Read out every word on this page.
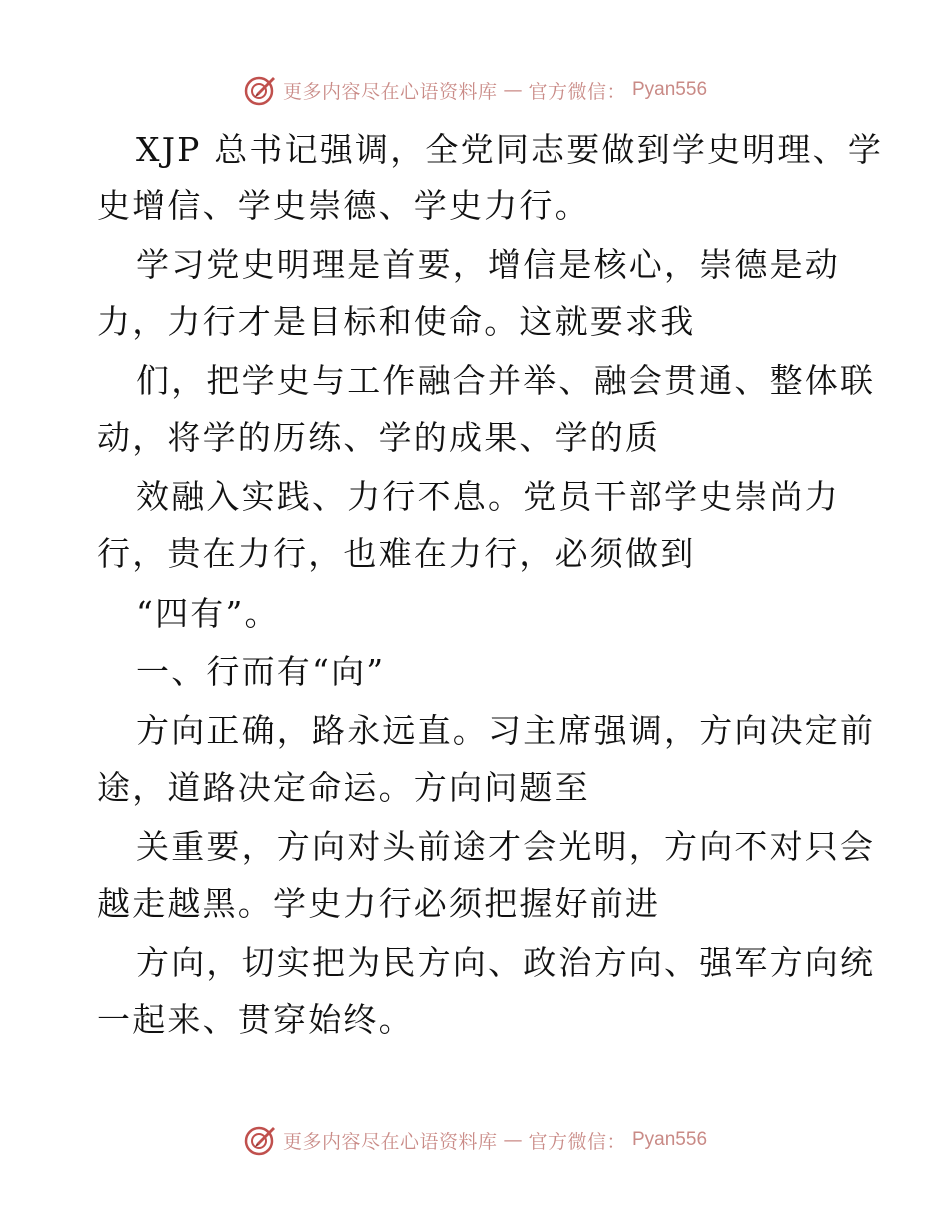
更多内容尽在心语资料库 — 官方微信： Pyan556
XJP 总书记强调，全党同志要做到学史明理、学
史增信、学史崇德、学史力行。
学习党史明理是首要，增信是核心，崇德是动
力，力行才是目标和使命。这就要求我
们，把学史与工作融合并举、融会贯通、整体联
动，将学的历练、学的成果、学的质
效融入实践、力行不息。党员干部学史崇尚力
行，贵在力行，也难在力行，必须做到
“四有”。
一、行而有“向”
方向正确，路永远直。习主席强调，方向决定前
途，道路决定命运。方向问题至
关重要，方向对头前途才会光明，方向不对只会
越走越黑。学史力行必须把握好前进
方向，切实把为民方向、政治方向、强军方向统
一起来、贯穿始终。
更多内容尽在心语资料库 — 官方微信： Pyan556
